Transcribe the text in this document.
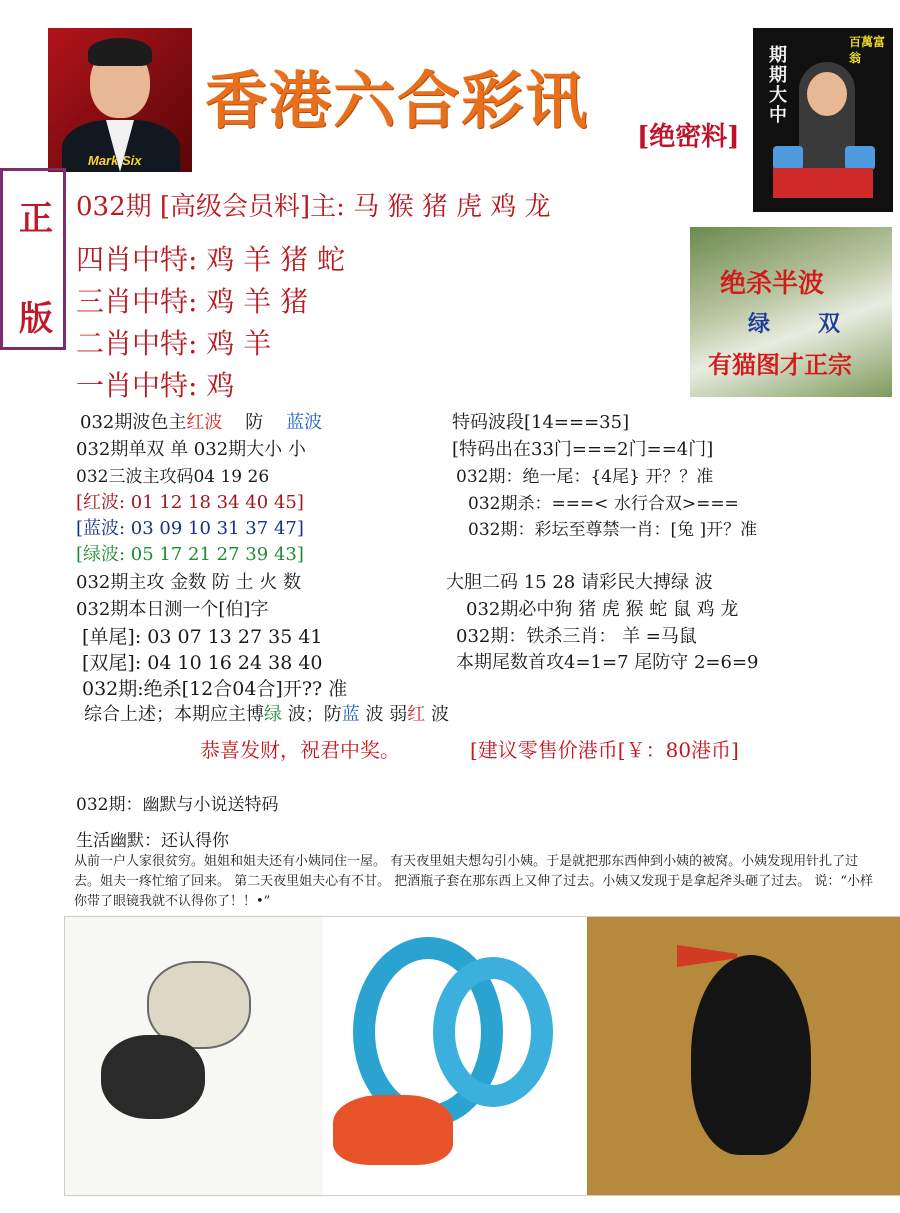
Mark Six
香港六合彩讯 [绝密料]
期期大中
百萬富翁
正
版
032期 [高级会员料]主: 马 猴 猪 虎 鸡 龙
四肖中特: 鸡 羊 猪 蛇
三肖中特: 鸡 羊 猪
二肖中特: 鸡 羊
一肖中特: 鸡
绝杀半波
绿 双
有猫图才正宗
032期波色主红波 防 蓝波
032期单双 单 032期大小 小
032三波主攻码04 19 26
[红波: 01 12 18 34 40 45]
[蓝波: 03 09 10 31 37 47]
[绿波: 05 17 21 27 39 43]
032期主攻 金数 防 土 火 数
032期本日测一个[伯]字
[单尾]: 03 07 13 27 35 41
[双尾]: 04 10 16 24 38 40
032期:绝杀[12合04合]开?? 准
综合上述；本期应主博绿 波；防蓝 波 弱红 波
特码波段[14===35]
[特码出在33门===2门==4门]
032期：绝一尾：{4尾} 开？？准
032期杀：===< 水行合双>===
032期：彩坛至尊禁一肖：[兔 ]开？准
大胆二码 15 28 请彩民大搏绿 波
032期必中狗 猪 虎 猴 蛇 鼠 鸡 龙
032期：铁杀三肖： 羊 =马鼠
本期尾数首攻4=1=7 尾防守 2=6=9
恭喜发财，祝君中奖。	[建议零售价港币[￥：80港币]
032期：幽默与小说送特码
生活幽默：还认得你
从前一户人家很贫穷。姐姐和姐夫还有小姨同住一屋。 有天夜里姐夫想勾引小姨。于是就把那东西伸到小姨的被窝。小姨发现用针扎了过去。姐夫一疼忙缩了回来。 第二天夜里姐夫心有不甘。 把酒瓶子套在那东西上又伸了过去。小姨又发现于是拿起斧头砸了过去。 说：“小样你带了眼镜我就不认得你了！！•”
